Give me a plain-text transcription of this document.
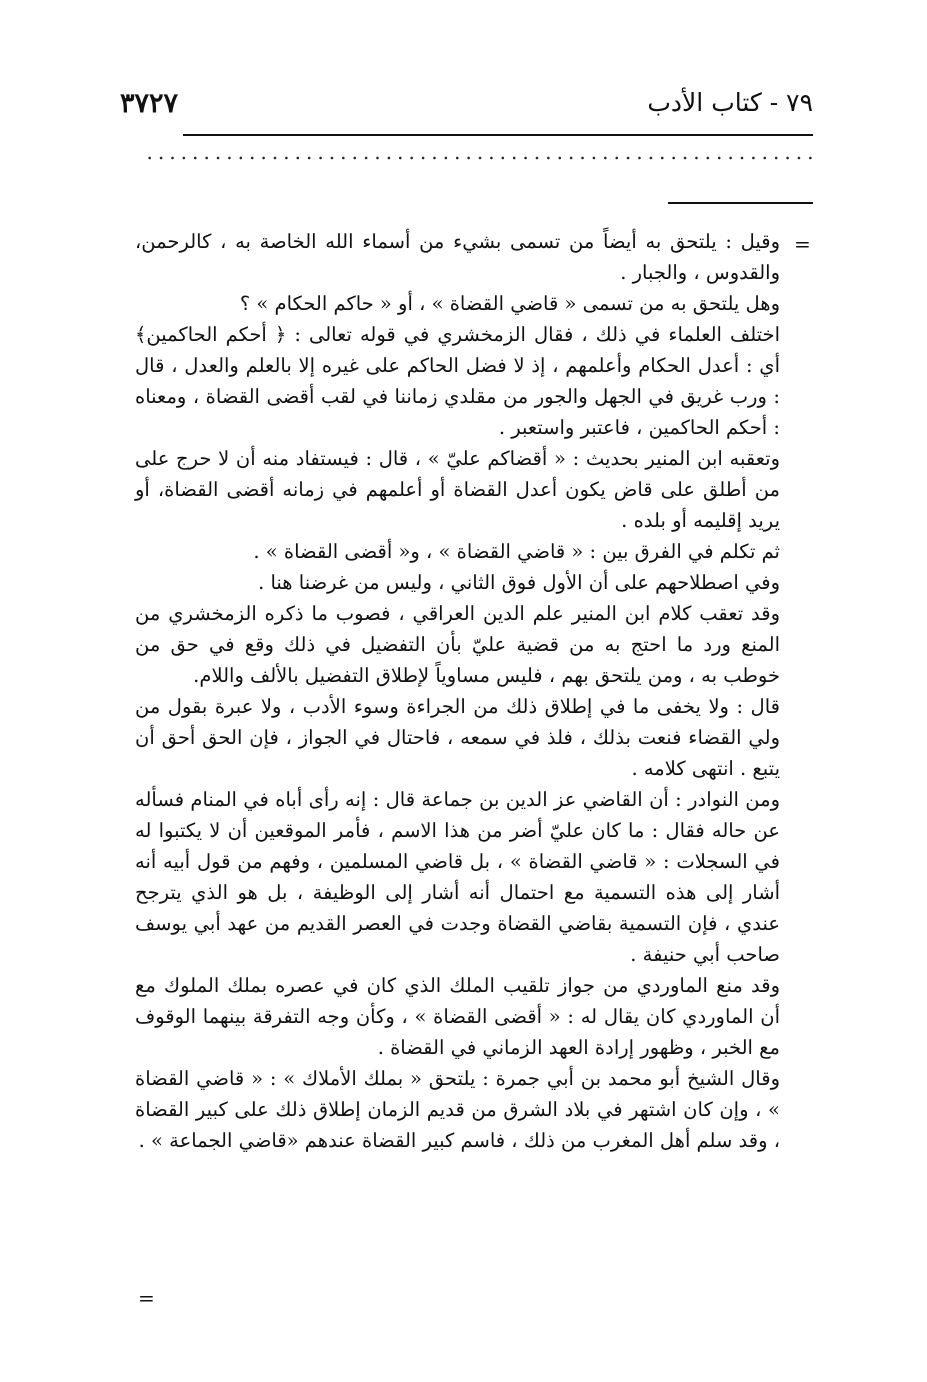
٧٩ - كتاب الأدب
٣٧٢٧
=
=

وقيل : يلتحق به أيضاً من تسمى بشيء من أسماء الله الخاصة به ، كالرحمن، والقدوس ، والجبار .

وهل يلتحق به من تسمى « قاضي القضاة » ، أو « حاكم الحكام » ؟

اختلف العلماء في ذلك ، فقال الزمخشري في قوله تعالى : ﴿ أحكم الحاكمين﴾ أي : أعدل الحكام وأعلمهم ، إذ لا فضل الحاكم على غيره إلا بالعلم والعدل ، قال : ورب غريق في الجهل والجور من مقلدي زماننا في لقب أقضى القضاة ، ومعناه : أحكم الحاكمين ، فاعتبر واستعبر .

وتعقبه ابن المنير بحديث : « أقضاكم عليّ » ، قال : فيستفاد منه أن لا حرج على من أطلق على قاض يكون أعدل القضاة أو أعلمهم في زمانه أقضى القضاة، أو يريد إقليمه أو بلده .

ثم تكلم في الفرق بين : « قاضي القضاة » ، و« أقضى القضاة » .

وفي اصطلاحهم على أن الأول فوق الثاني ، وليس من غرضنا هنا .

وقد تعقب كلام ابن المنير علم الدين العراقي ، فصوب ما ذكره الزمخشري من المنع ورد ما احتج به من قضية عليّ بأن التفضيل في ذلك وقع في حق من خوطب به ، ومن يلتحق بهم ، فليس مساوياً لإطلاق التفضيل بالألف واللام.

قال : ولا يخفى ما في إطلاق ذلك من الجراءة وسوء الأدب ، ولا عبرة بقول من ولي القضاء فنعت بذلك ، فلذ في سمعه ، فاحتال في الجواز ، فإن الحق أحق أن يتبع . انتهى كلامه .

ومن النوادر : أن القاضي عز الدين بن جماعة قال : إنه رأى أباه في المنام فسأله عن حاله فقال : ما كان عليّ أضر من هذا الاسم ، فأمر الموقعين أن لا يكتبوا له في السجلات : « قاضي القضاة » ، بل قاضي المسلمين ، وفهم من قول أبيه أنه أشار إلى هذه التسمية مع احتمال أنه أشار إلى الوظيفة ، بل هو الذي يترجح عندي ، فإن التسمية بقاضي القضاة وجدت في العصر القديم من عهد أبي يوسف صاحب أبي حنيفة .

وقد منع الماوردي من جواز تلقيب الملك الذي كان في عصره بملك الملوك مع أن الماوردي كان يقال له : « أقضى القضاة » ، وكأن وجه التفرقة بينهما الوقوف مع الخبر ، وظهور إرادة العهد الزماني في القضاة .

وقال الشيخ أبو محمد بن أبي جمرة : يلتحق « بملك الأملاك » : « قاضي القضاة » ، وإن كان اشتهر في بلاد الشرق من قديم الزمان إطلاق ذلك على كبير القضاة ، وقد سلم أهل المغرب من ذلك ، فاسم كبير القضاة عندهم «قاضي الجماعة » .
